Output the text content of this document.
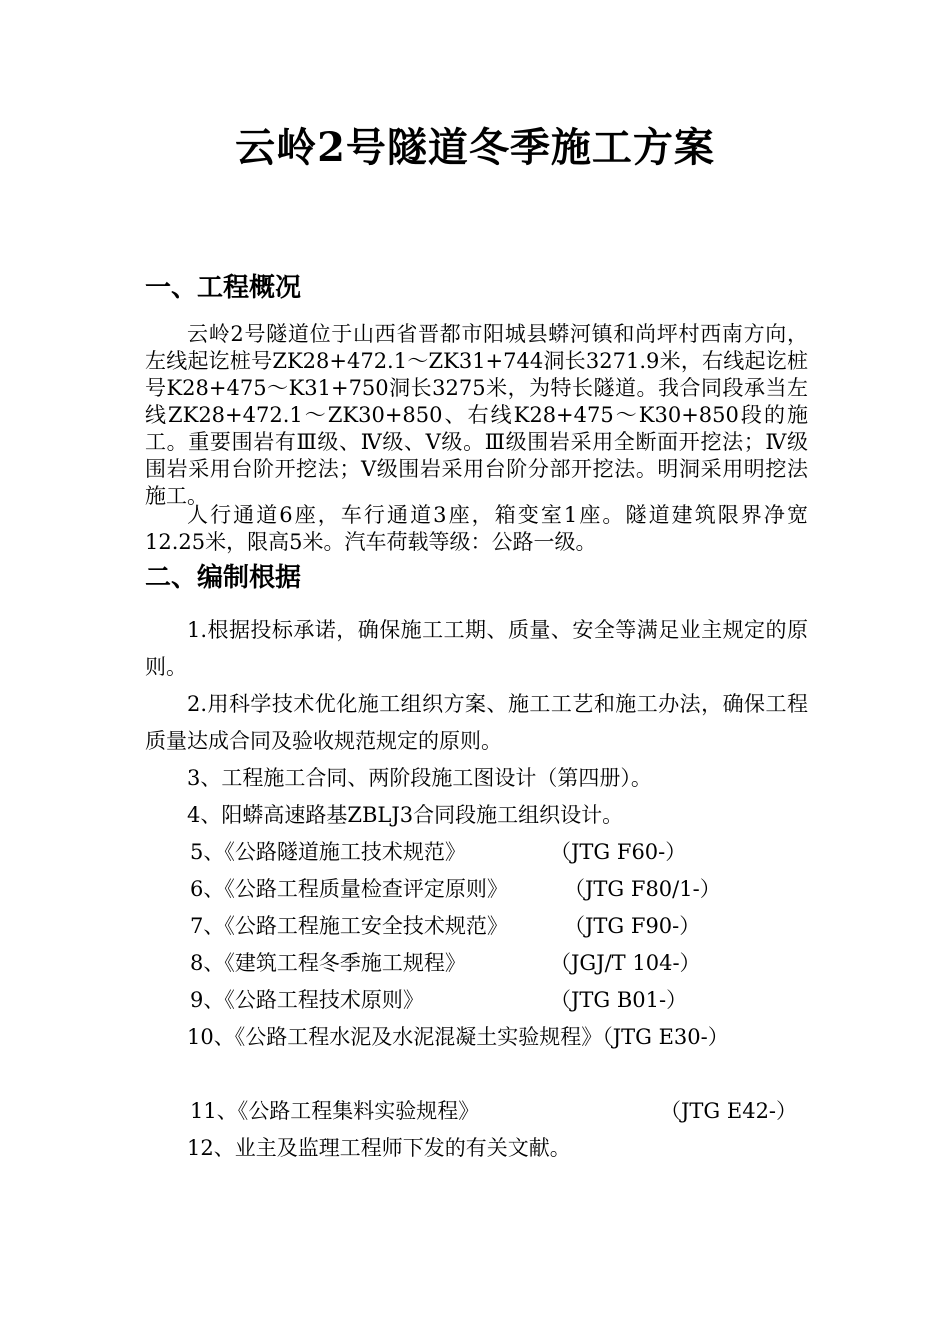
云岭2号隧道冬季施工方案
一、工程概况

云岭2号隧道位于山西省晋都市阳城县蟒河镇和尚坪村西南方向，左线起讫桩号ZK28+472.1～ZK31+744洞长3271.9米，右线起讫桩号K28+475～K31+750洞长3275米，为特长隧道。我合同段承当左线ZK28+472.1～ZK30+850、右线K28+475～K30+850段的施工。重要围岩有Ⅲ级、Ⅳ级、Ⅴ级。Ⅲ级围岩采用全断面开挖法；Ⅳ级围岩采用台阶开挖法；Ⅴ级围岩采用台阶分部开挖法。明洞采用明挖法施工。

人行通道6座，车行通道3座，箱变室1座。隧道建筑限界净宽12.25米，限高5米。汽车荷载等级：公路一级。

二、编制根据

1.根据投标承诺，确保施工工期、质量、安全等满足业主规定的原则。

2.用科学技术优化施工组织方案、施工工艺和施工办法，确保工程质量达成合同及验收规范规定的原则。

3、工程施工合同、两阶段施工图设计（第四册）。

4、阳蟒高速路基ZBLJ3合同段施工组织设计。

5、《公路隧道施工技术规范》	（JTG F60-）
6、《公路工程质量检查评定原则》	（JTG F80/1-）
7、《公路工程施工安全技术规范》	（JTG F90-）
8、《建筑工程冬季施工规程》	（JGJ/T 104-）
9、《公路工程技术原则》	（JTG B01-）

10、《公路工程水泥及水泥混凝土实验规程》（JTG E30-）

11、《公路工程集料实验规程》	（JTG E42-）

12、业主及监理工程师下发的有关文献。
